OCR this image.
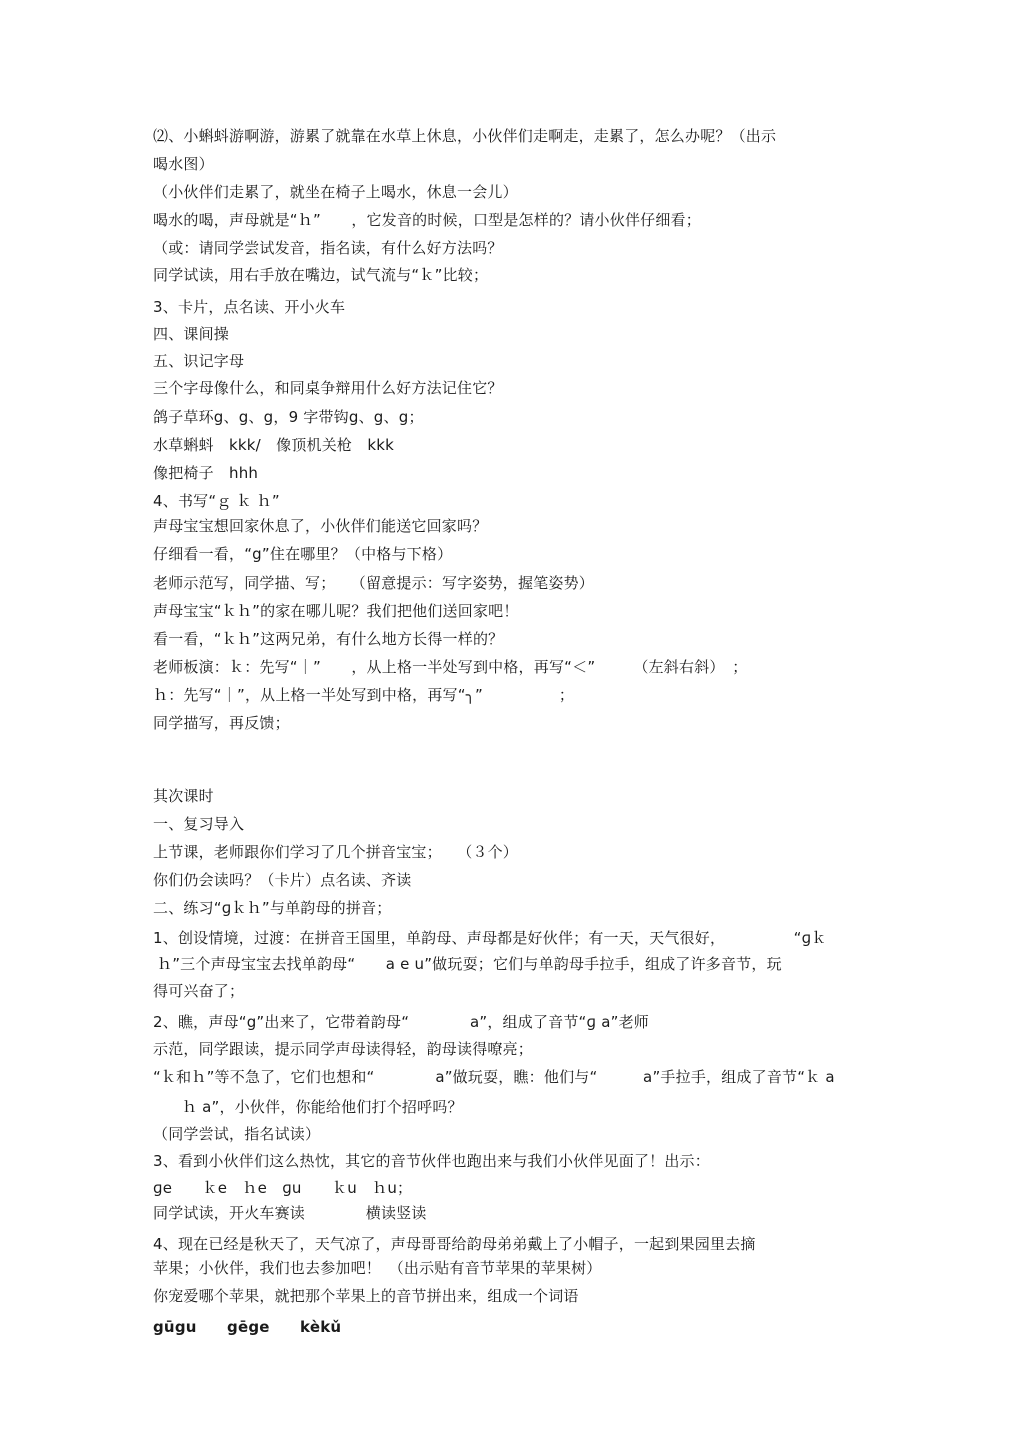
⑵、小蝌蚪游啊游，游累了就靠在水草上休息，小伙伴们走啊走，走累了，怎么办呢？（出示
喝水图）
（小伙伴们走累了，就坐在椅子上喝水，休息一会儿）
喝水的喝，声母就是“ｈ”　　，它发音的时候，口型是怎样的？请小伙伴仔细看；
（或：请同学尝试发音，指名读，有什么好方法吗？
同学试读，用右手放在嘴边，试气流与“ｋ”比较；
3、卡片，点名读、开小火车
四、课间操
五、识记字母
三个字母像什么，和同桌争辩用什么好方法记住它？
鸽子草环g、g、g，9 字带钩g、g、g；
水草蝌蚪　kkk/　像顶机关枪　kkk
像把椅子　hhh
4、书写“ｇ ｋ ｈ”
声母宝宝想回家休息了，小伙伴们能送它回家吗？
仔细看一看，“g”住在哪里？（中格与下格）
老师示范写，同学描、写；　　（留意提示：写字姿势，握笔姿势）
声母宝宝“ｋｈ”的家在哪儿呢？我们把他们送回家吧！
看一看，“ｋｈ”这两兄弟，有什么地方长得一样的？
老师板演：ｋ：先写“｜”　　，从上格一半处写到中格，再写“＜”　　　（左斜右斜）　；
ｈ：先写“｜”，从上格一半处写到中格，再写“╮”　　　　　；
同学描写，再反馈；
其次课时
一、复习导入
上节课，老师跟你们学习了几个拼音宝宝；　　（３个）
你们仍会读吗？（卡片）点名读、齐读
二、练习“ɡｋｈ”与单韵母的拼音；
1、创设情境，过渡：在拼音王国里，单韵母、声母都是好伙伴；有一天，天气很好，　　　　　“ɡｋ
ｈ”三个声母宝宝去找单韵母“　　a e u”做玩耍；它们与单韵母手拉手，组成了许多音节，玩
得可兴奋了；
2、瞧，声母“g”出来了，它带着韵母“　　　　a”，组成了音节“ɡ a”老师
示范，同学跟读，提示同学声母读得轻，韵母读得嘹亮；
“ｋ和ｈ”等不急了，它们也想和“　　　　a”做玩耍，瞧：他们与“　　　a”手拉手，组成了音节“ｋ a
ｈ a”，小伙伴，你能给他们打个招呼吗？
（同学尝试，指名试读）
3、看到小伙伴们这么热忱，其它的音节伙伴也跑出来与我们小伙伴见面了！出示：
ɡe　　ｋe　ｈe　ɡu　　ｋu　ｈu；
同学试读，开火车赛读　　　　横读竖读
4、现在已经是秋天了，天气凉了，声母哥哥给韵母弟弟戴上了小帽子，一起到果园里去摘
苹果；小伙伴，我们也去参加吧！　（出示贴有音节苹果的苹果树）
你宠爱哪个苹果，就把那个苹果上的音节拼出来，组成一个词语
gūgu　　gēge　　kèkǔ
